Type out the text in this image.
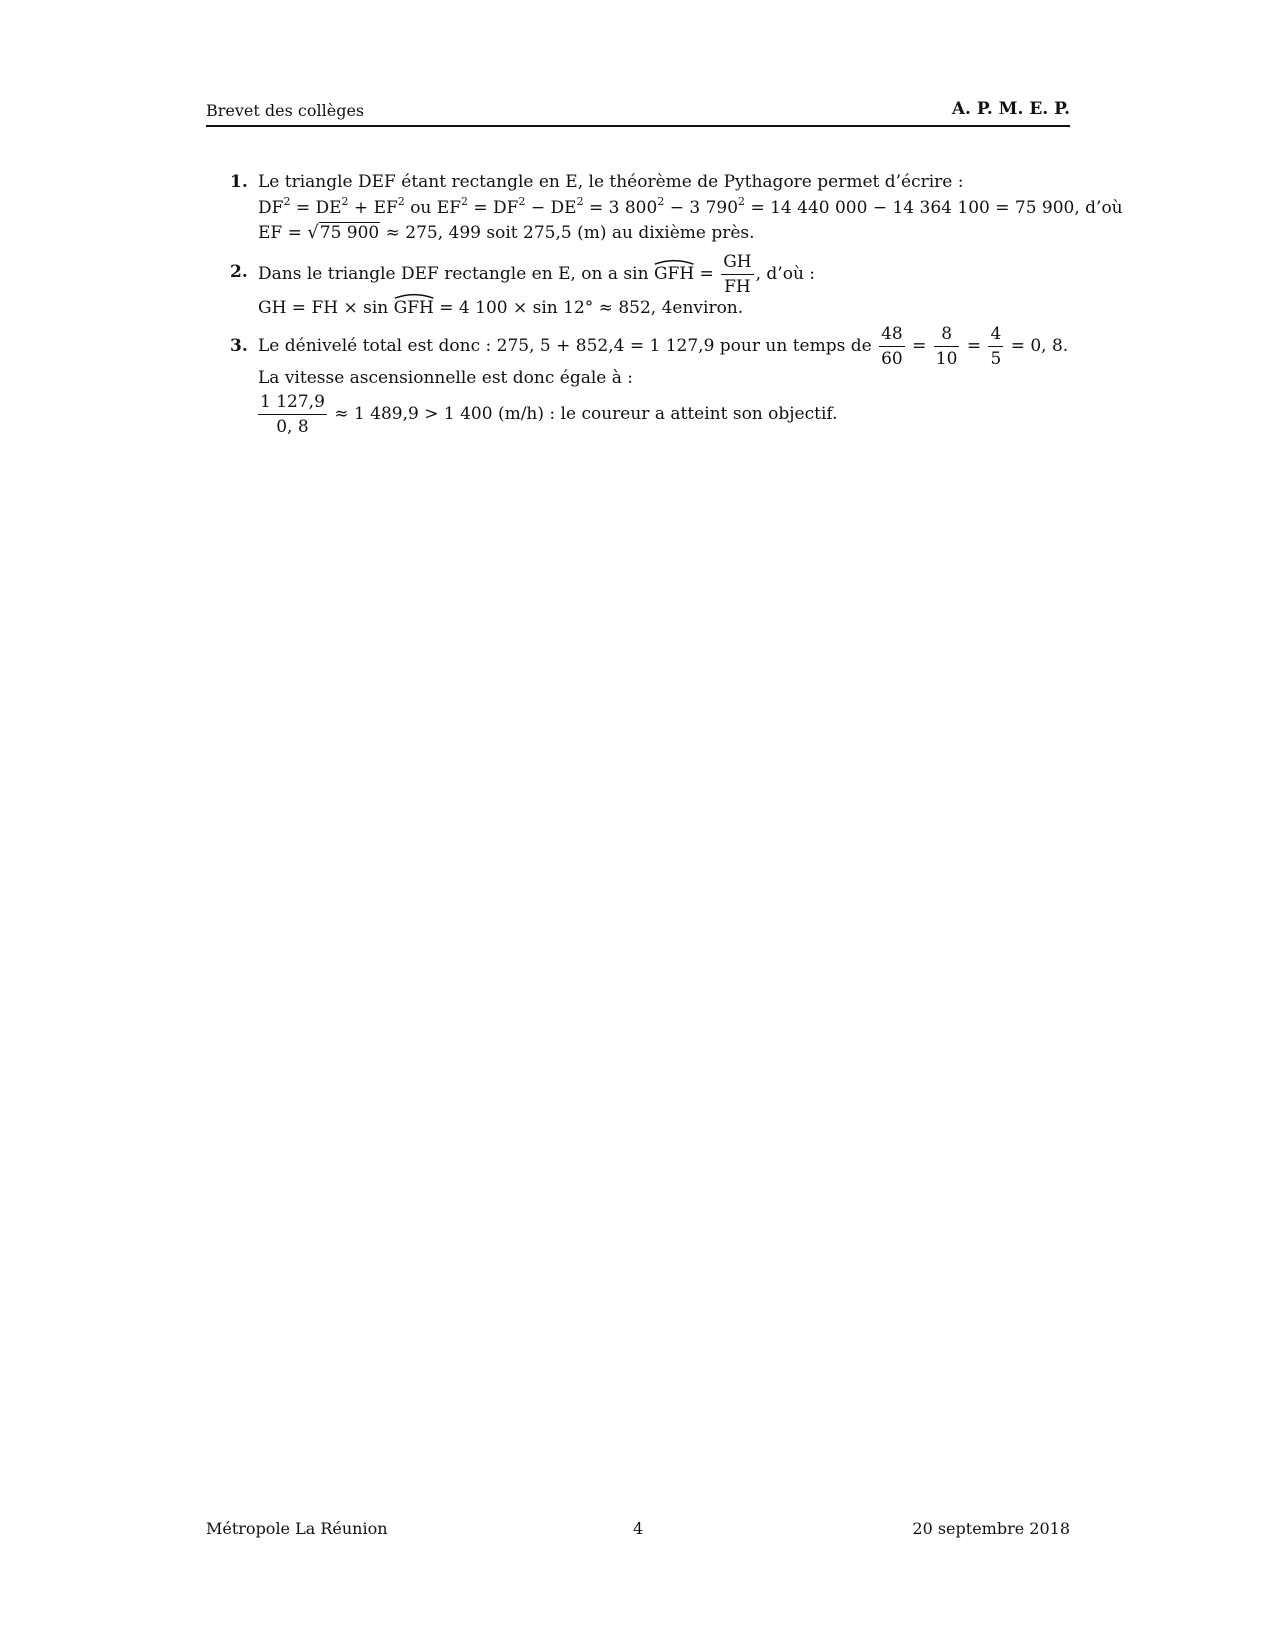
Brevet des collèges	A. P. M. E. P.
1. Le triangle DEF étant rectangle en E, le théorème de Pythagore permet d’écrire :
$DF^2 = DE^2 + EF^2$ ou $EF^2 = DF^2 - DE^2 = 3$ $800^2 - 3$ $790^2 = 14$ 440 000 − 14 364 100 = 75 900, d’où
EF = √ 75 900 ≈ 275, 499 soit 275,5 (m) au dixième près.
2. Dans le triangle DEF rectangle en E, on a sin
GFH = $\frac{GH}{FH}$ , d’où :
GH = FH × sin
GFH = 4 100 × sin 12° ≈ 852, 4environ.
3. Le dénivelé total est donc : 275, 5 + 852,4 = 1 127,9 pour un temps de $\frac{48}{60} = \frac{8}{10} = \frac{4}{5} = 0$, 8.
La vitesse ascensionnelle est donc égale à :
$\frac{1 127,9}{0, 8} \approx 1$ 489,9 > 1 400 (m/h) : le coureur a atteint son objectif.
Métropole La Réunion	4	20 septembre 2018
